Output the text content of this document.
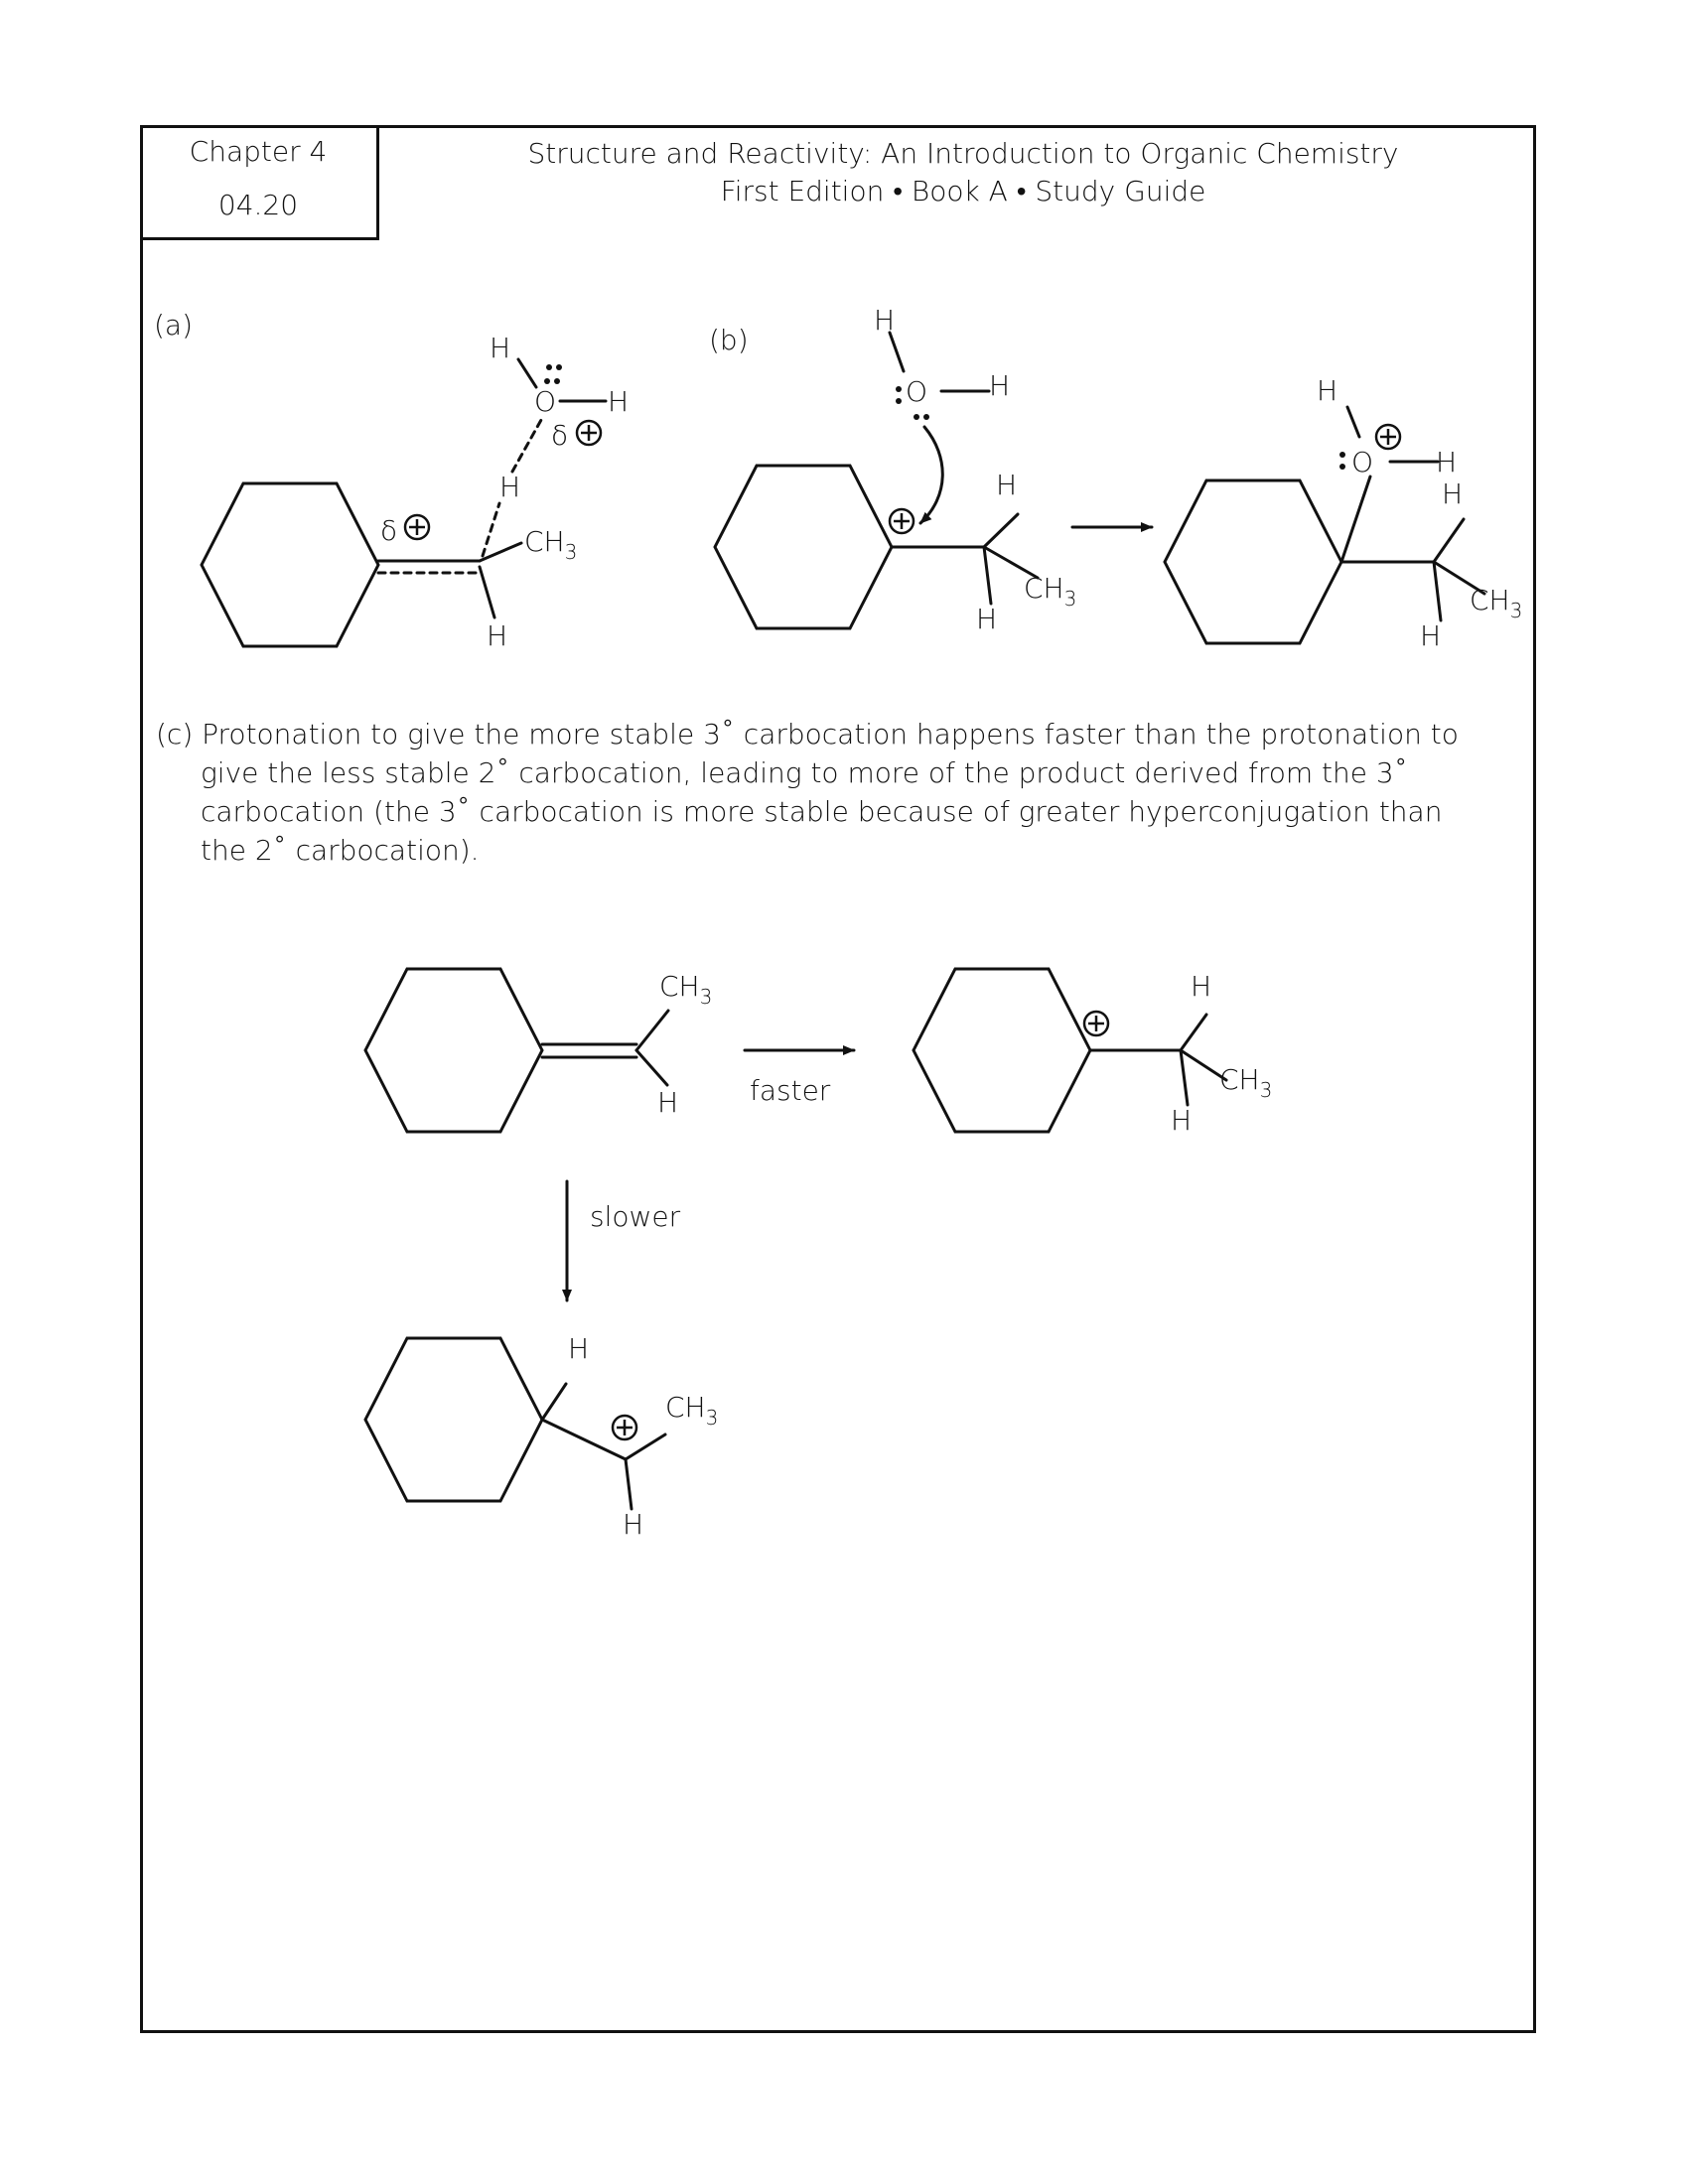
Chapter 4
04.20
Structure and Reactivity: An Introduction to Organic Chemistry
First Edition • Book A • Study Guide

(c) Protonation to give the more stable 3˚ carbocation happens faster than the protonation to give the less stable 2˚ carbocation, leading to more of the product derived from the 3˚ carbocation (the 3˚ carbocation is more stable because of greater hyperconjugation than the 2˚ carbocation).

(a)
H
O H
δ
H
δ	$CH_3$
H
(b)
H
O H
H
$CH_3$
H
H
O H
H
$CH_3$
H
$CH_3$
H	faster
H
$CH_3$
H
slower
H
$CH_3$
H
